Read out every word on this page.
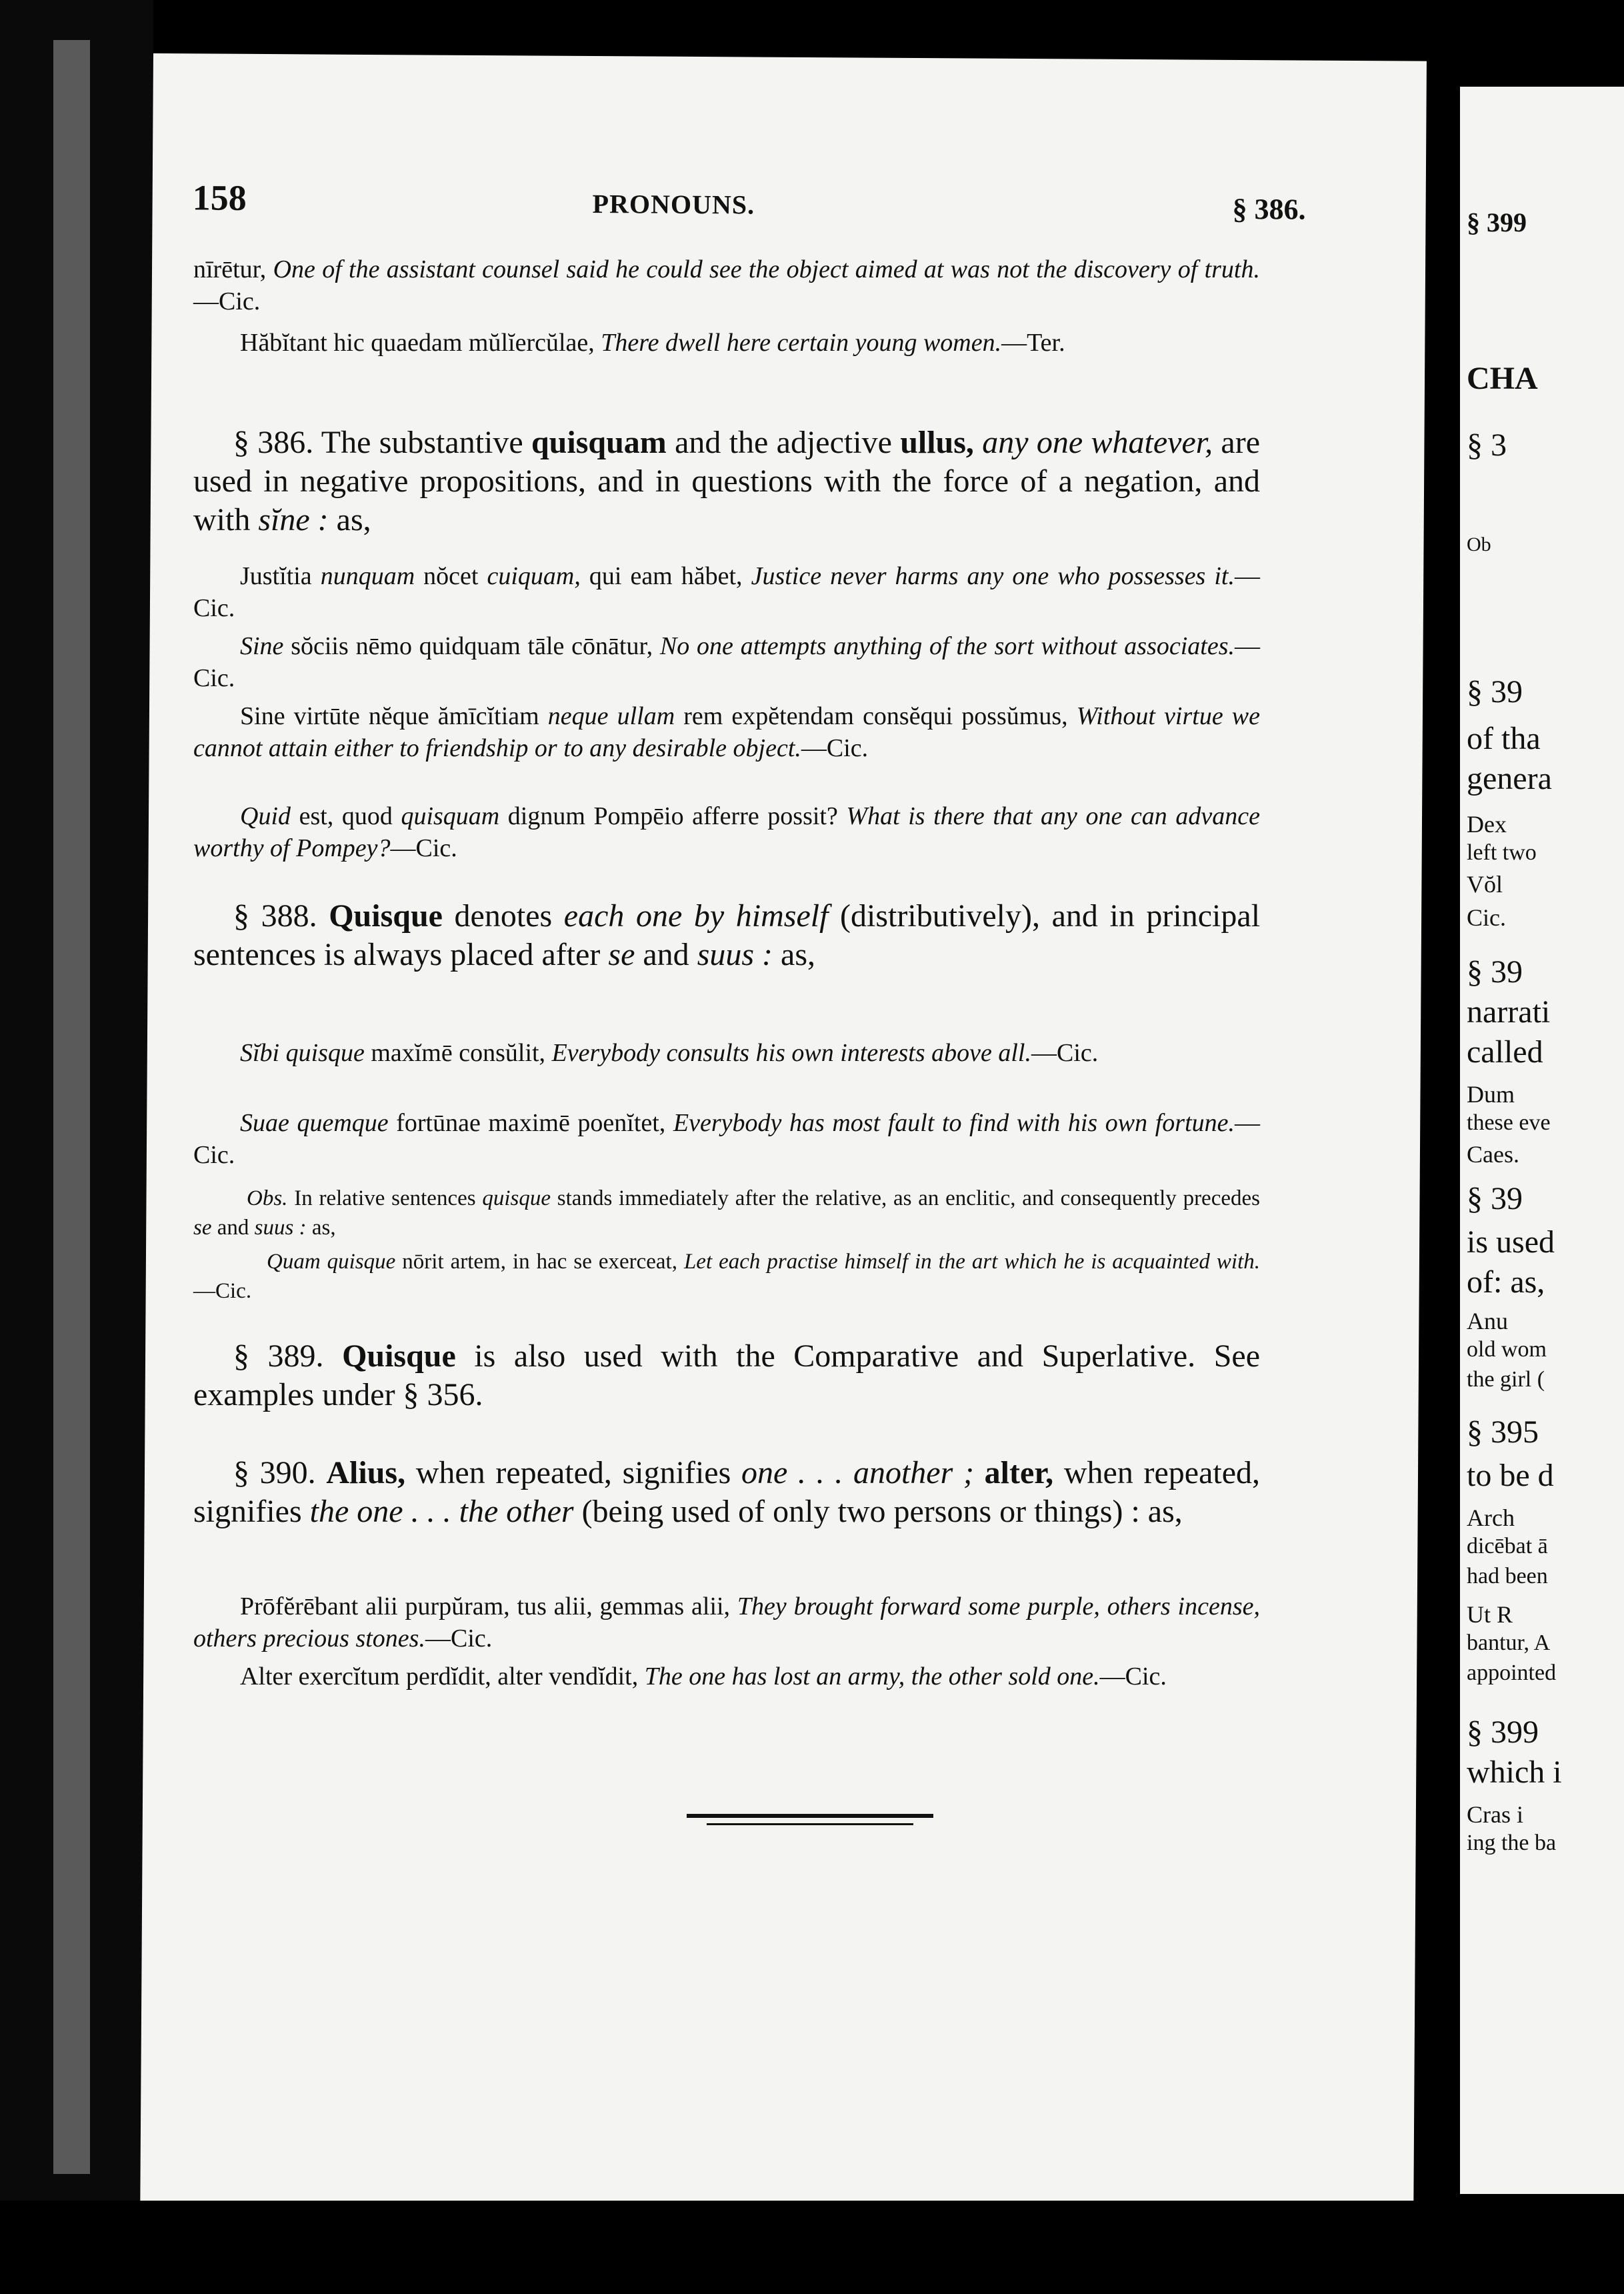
158	PRONOUNS.	§ 386.

nīrētur, One of the assistant counsel said he could see the object aimed at was not the discovery of truth.—Cic.

Hăbĭtant hic quaedam mŭlĭercŭlae, There dwell here certain young women.—Ter.

§ 386. The substantive quisquam and the adjective ullus, any one whatever, are used in negative propositions, and in questions with the force of a negation, and with sĭne : as,

Justĭtia nunquam nŏcet cuiquam, qui eam hăbet, Justice never harms any one who possesses it.—Cic.

Sine sŏciis nēmo quidquam tāle cōnātur, No one attempts anything of the sort without associates.—Cic.

Sine virtūte nĕque ămīcĭtiam neque ullam rem expĕtendam consĕqui possŭmus, Without virtue we cannot attain either to friendship or to any desirable object.—Cic.

Quid est, quod quisquam dignum Pompēio afferre possit? What is there that any one can advance worthy of Pompey?—Cic.

§ 388. Quisque denotes each one by himself (distributively), and in principal sentences is always placed after se and suus : as,

Sĭbi quisque maxĭmē consŭlit, Everybody consults his own interests above all.—Cic.

Suae quemque fortūnae maximē poenĭtet, Everybody has most fault to find with his own fortune.—Cic.

Obs. In relative sentences quisque stands immediately after the relative, as an enclitic, and consequently precedes se and suus : as,

Quam quisque nōrit artem, in hac se exerceat, Let each practise himself in the art which he is acquainted with.—Cic.

§ 389. Quisque is also used with the Comparative and Superlative. See examples under § 356.

§ 390. Alius, when repeated, signifies one . . . another ; alter, when repeated, signifies the one . . . the other (being used of only two persons or things) : as,

Prōfĕrēbant alii purpŭram, tus alii, gemmas alii, They brought forward some purple, others incense, others precious stones.—Cic.

Alter exercĭtum perdĭdit, alter vendĭdit, The one has lost an army, the other sold one.—Cic.

§ 399
CHA
§ 3
Ob
§ 39
of tha
genera
Dex
left two
Vŏl
Cic.
§ 39
narrati
called
Dum
these eve
Caes.
§ 39
is used
of: as,
Anu
old wom
the girl (
§ 395
to be d
Arch
dicēbat ā
had been
Ut R
bantur, A
appointed
§ 399
which i
Cras i
ing the ba
